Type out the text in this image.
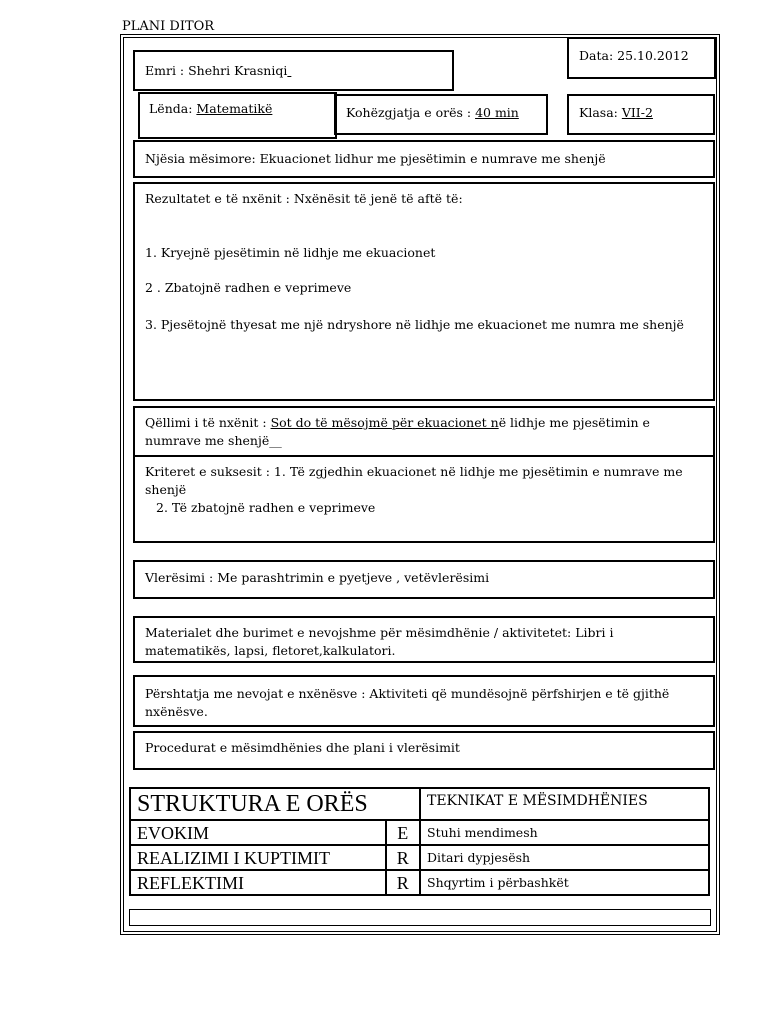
PLANI DITOR
Emri : Shehri Krasniqi
Data: 25.10.2012
Lënda: Matematikë	Kohëzgjatja e orës : 40 min	Klasa: VII-2
Njësia mësimore: Ekuacionet lidhur me pjesëtimin e numrave me shenjë
Rezultatet e të nxënit : Nxënësit të jenë të aftë të:
1. Kryejnë pjesëtimin në lidhje me ekuacionet
2 . Zbatojnë radhen e veprimeve
3. Pjesëtojnë thyesat me një ndryshore në lidhje me ekuacionet me numra me shenjë
Qëllimi i të nxënit : Sot do të mësojmë për ekuacionet në lidhje me pjesëtimin e
numrave me shenjë__
Kriteret e suksesit : 1. Të zgjedhin ekuacionet në lidhje me pjesëtimin e numrave me
shenjë
2. Të zbatojnë radhen e veprimeve
Vlerësimi : Me parashtrimin e pyetjeve , vetëvlerësimi
Materialet dhe burimet e nevojshme për mësimdhënie / aktivitetet: Libri i
matematikës, lapsi, fletoret,kalkulatori.
Përshtatja me nevojat e nxënësve : Aktiviteti që mundësojnë përfshirjen e të gjithë
nxënësve.
Procedurat e mësimdhënies dhe plani i vlerësimit
STRUKTURA E ORËS		TEKNIKAT E MËSIMDHËNIES
EVOKIM	E	Stuhi mendimesh
REALIZIMI I KUPTIMIT	R	Ditari dypjesësh
REFLEKTIMI	R	Shqyrtim i përbashkët
